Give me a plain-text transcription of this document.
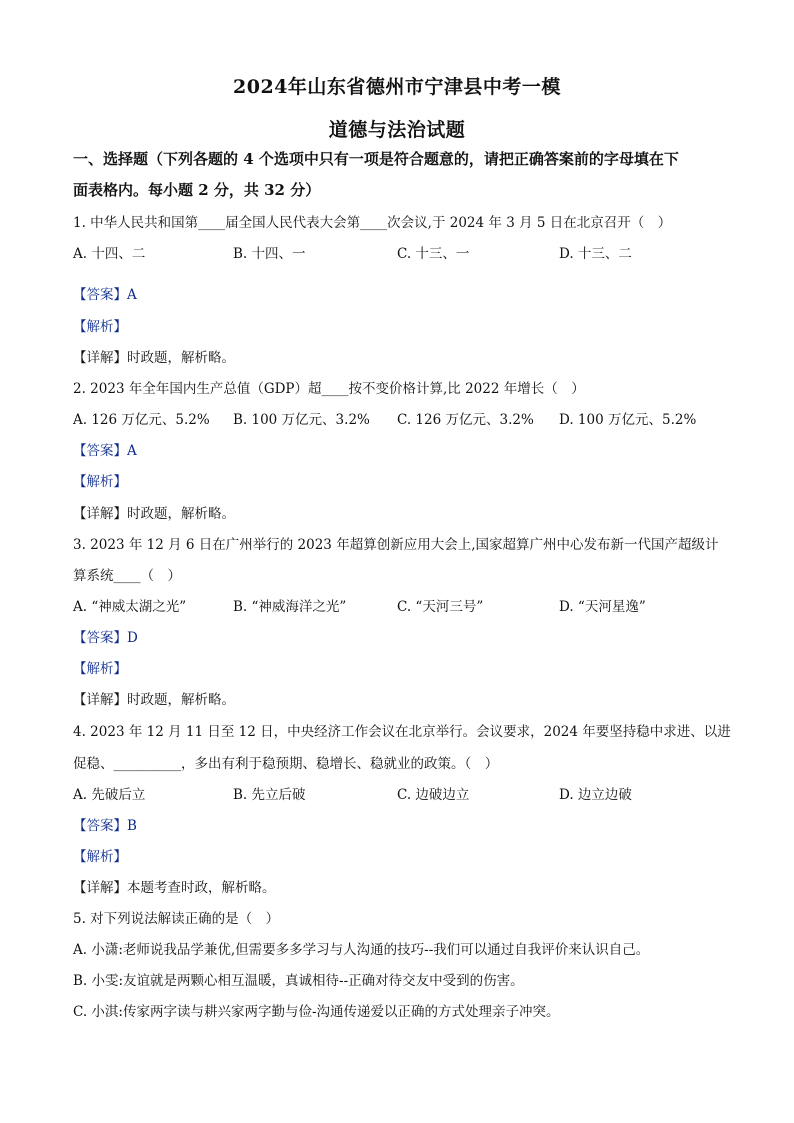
2024年山东省德州市宁津县中考一模
道德与法治试题
一、选择题（下列各题的 4 个选项中只有一项是符合题意的，请把正确答案前的字母填在下
面表格内。每小题 2 分，共 32 分）
1. 中华人民共和国第____届全国人民代表大会第____次会议,于 2024 年 3 月 5 日在北京召开（　）
A. 十四、二	B. 十四、一	C. 十三、一	D. 十三、二
【答案】A
【解析】
【详解】时政题，解析略。
2. 2023 年全年国内生产总值（GDP）超____按不变价格计算,比 2022 年增长（　）
A. 126 万亿元、5.2% B. 100 万亿元、3.2% C. 126 万亿元、3.2% D. 100 万亿元、5.2%
【答案】A
【解析】
【详解】时政题，解析略。
3. 2023 年 12 月 6 日在广州举行的 2023 年超算创新应用大会上,国家超算广州中心发布新一代国产超级计
算系统____（　）
A. “神威太湖之光”	B. “神威海洋之光”	C. “天河三号”	D. “天河星逸”
【答案】D
【解析】
【详解】时政题，解析略。
4. 2023 年 12 月 11 日至 12 日，中央经济工作会议在北京举行。会议要求，2024 年要坚持稳中求进、以进
促稳、__________，多出有利于稳预期、稳增长、稳就业的政策。（　）
A. 先破后立	B. 先立后破	C. 边破边立	D. 边立边破
【答案】B
【解析】
【详解】本题考查时政，解析略。
5. 对下列说法解读正确的是（　）
A. 小潇:老师说我品学兼优,但需要多多学习与人沟通的技巧--我们可以通过自我评价来认识自己。
B. 小雯:友谊就是两颗心相互温暖，真诚相待--正确对待交友中受到的伤害。
C. 小淇:传家两字读与耕兴家两字勤与俭-沟通传递爱以正确的方式处理亲子冲突。
